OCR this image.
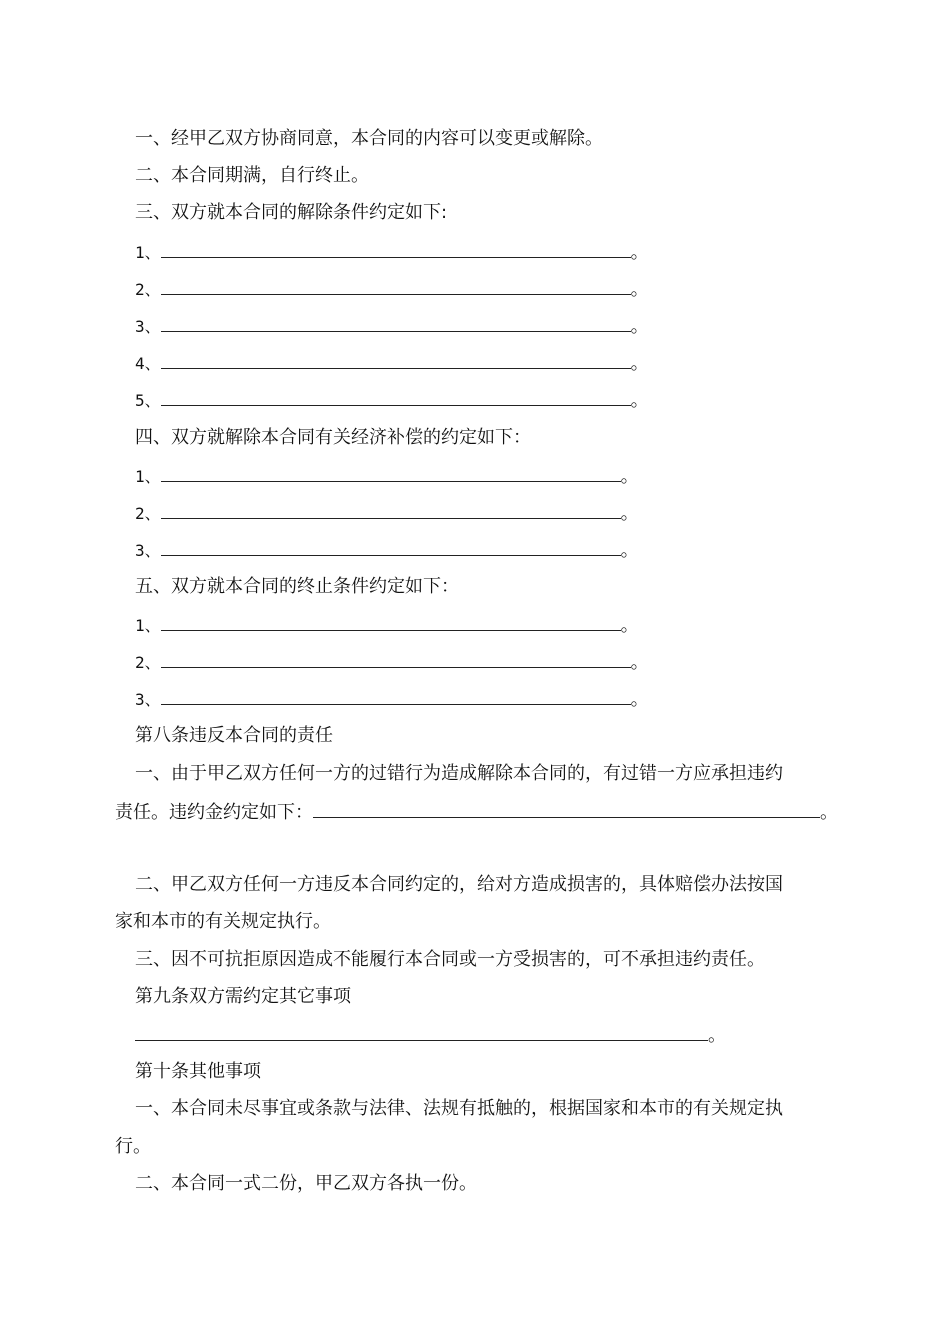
一、经甲乙双方协商同意，本合同的内容可以变更或解除。
二、本合同期满，自行终止。
三、双方就本合同的解除条件约定如下:
1、	。
2、	。
3、	。
4、	。
5、	。
四、双方就解除本合同有关经济补偿的约定如下：
1、	。
2、	。
3、	。
五、双方就本合同的终止条件约定如下：
1、	。
2、	。
3、	。
第八条违反本合同的责任
一、由于甲乙双方任何一方的过错行为造成解除本合同的，有过错一方应承担违约
责任。违约金约定如下：	。
二、甲乙双方任何一方违反本合同约定的，给对方造成损害的，具体赔偿办法按国
家和本市的有关规定执行。
三、因不可抗拒原因造成不能履行本合同或一方受损害的，可不承担违约责任。
第九条双方需约定其它事项
。
第十条其他事项
一、本合同未尽事宜或条款与法律、法规有抵触的，根据国家和本市的有关规定执
行。
二、本合同一式二份，甲乙双方各执一份。
